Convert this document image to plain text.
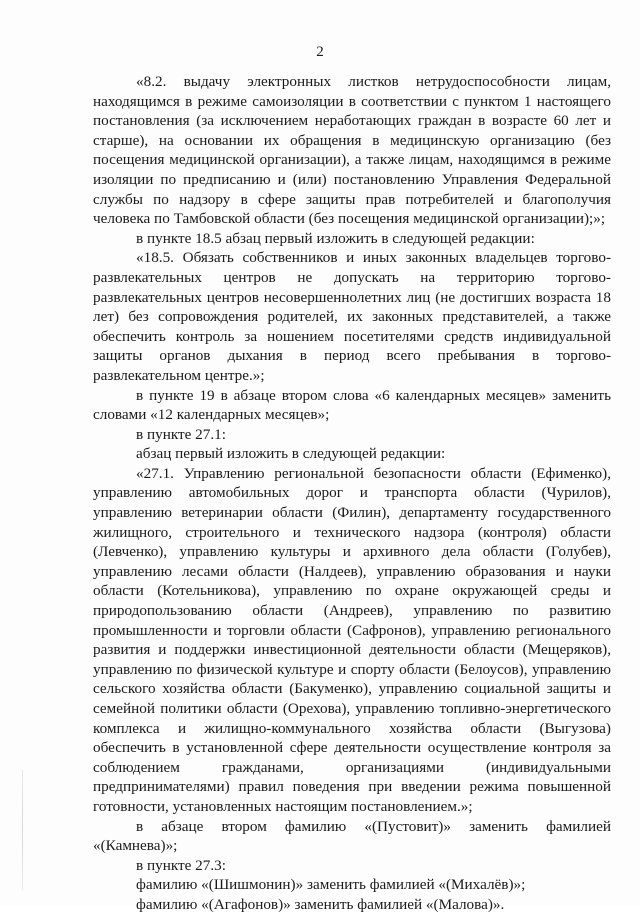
2

«8.2. выдачу электронных листков нетрудоспособности лицам, находящимся в режиме самоизоляции в соответствии с пунктом 1 настоящего постановления (за исключением неработающих граждан в возрасте 60 лет и старше), на основании их обращения в медицинскую организацию (без посещения медицинской организации), а также лицам, находящимся в режиме изоляции по предписанию и (или) постановлению Управления Федеральной службы по надзору в сфере защиты прав потребителей и благополучия человека по Тамбовской области (без посещения медицинской организации);»;

в пункте 18.5 абзац первый изложить в следующей редакции:

«18.5. Обязать собственников и иных законных владельцев торгово-развлекательных центров не допускать на территорию торгово-развлекательных центров несовершеннолетних лиц (не достигших возраста 18 лет) без сопровождения родителей, их законных представителей, а также обеспечить контроль за ношением посетителями средств индивидуальной защиты органов дыхания в период всего пребывания в торгово-развлекательном центре.»;

в пункте 19 в абзаце втором слова «6 календарных месяцев» заменить словами «12 календарных месяцев»;

в пункте 27.1:

абзац первый изложить в следующей редакции:

«27.1. Управлению региональной безопасности области (Ефименко), управлению автомобильных дорог и транспорта области (Чурилов), управлению ветеринарии области (Филин), департаменту государственного жилищного, строительного и технического надзора (контроля) области (Левченко), управлению культуры и архивного дела области (Голубев), управлению лесами области (Налдеев), управлению образования и науки области (Котельникова), управлению по охране окружающей среды и природопользованию области (Андреев), управлению по развитию промышленности и торговли области (Сафронов), управлению регионального развития и поддержки инвестиционной деятельности области (Мещеряков), управлению по физической культуре и спорту области (Белоусов), управлению сельского хозяйства области (Бакуменко), управлению социальной защиты и семейной политики области (Орехова), управлению топливно-энергетического комплекса и жилищно-коммунального хозяйства области (Выгузова) обеспечить в установленной сфере деятельности осуществление контроля за соблюдением гражданами, организациями (индивидуальными предпринимателями) правил поведения при введении режима повышенной готовности, установленных настоящим постановлением.»;

в абзаце втором фамилию «(Пустовит)» заменить фамилией «(Камнева)»;

в пункте 27.3:

фамилию «(Шишмонин)» заменить фамилией «(Михалёв)»;

фамилию «(Агафонов)» заменить фамилией «(Малова)».
